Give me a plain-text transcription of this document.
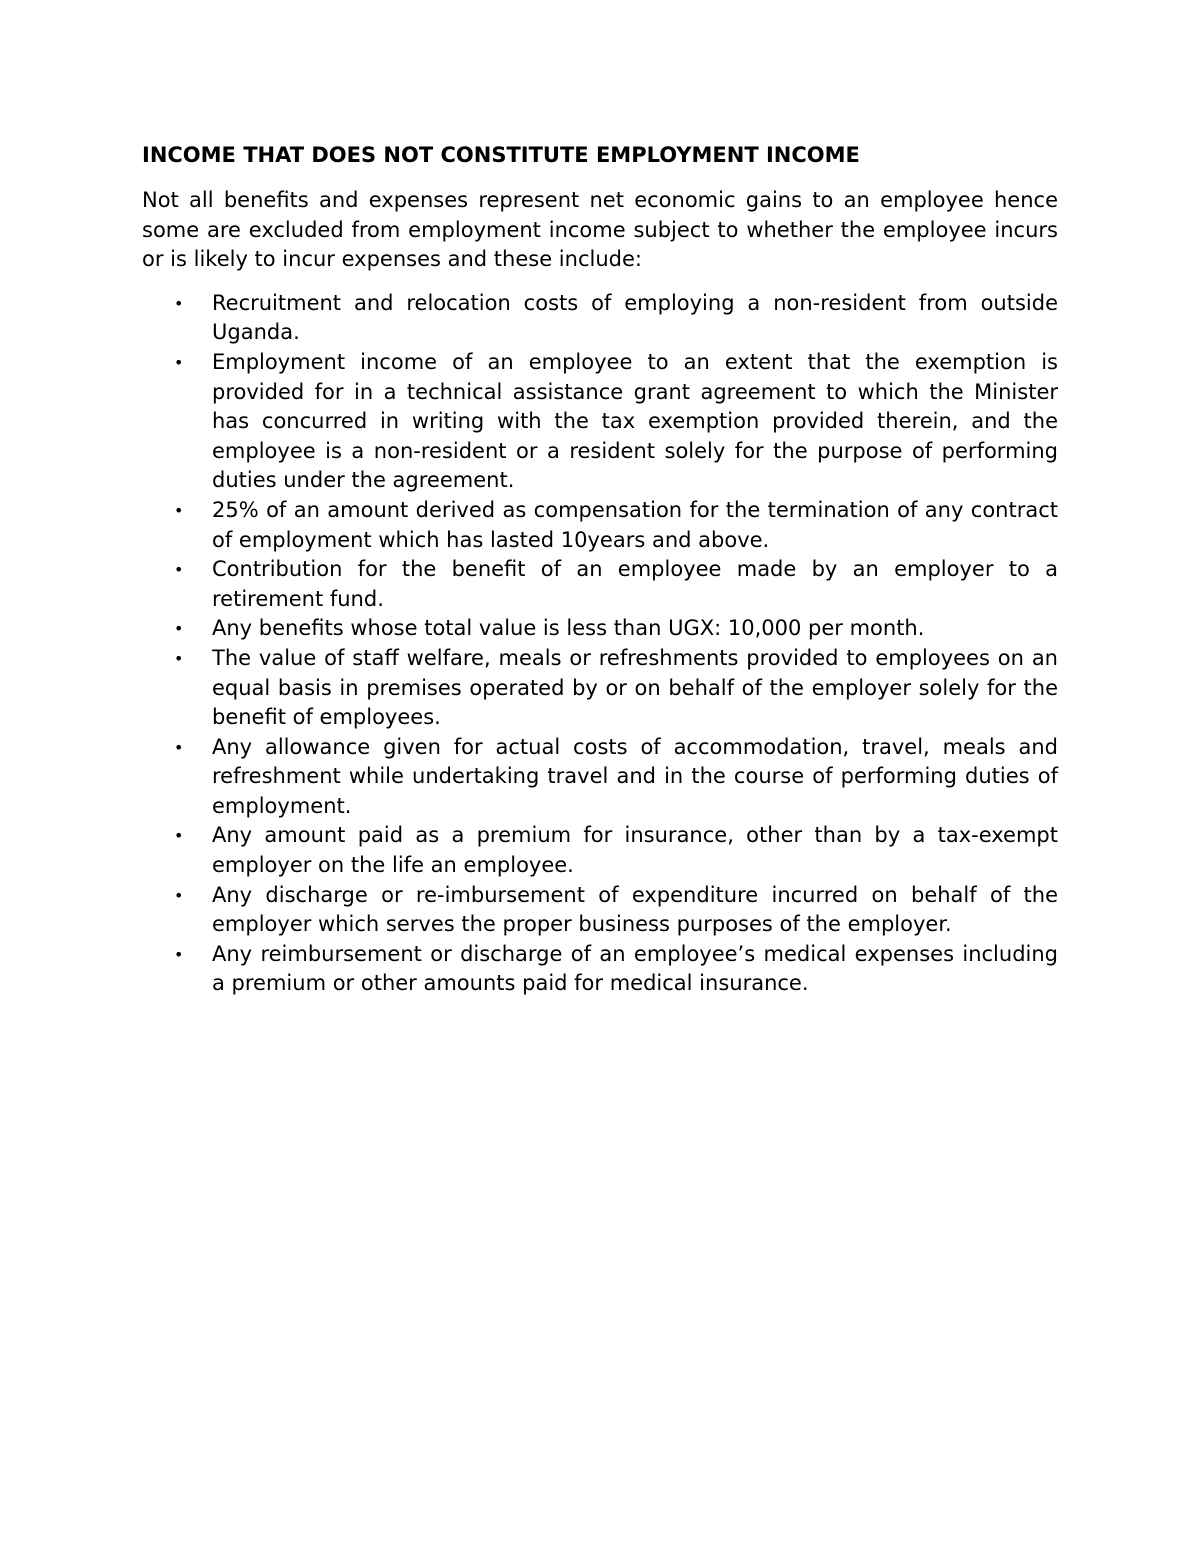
INCOME THAT DOES NOT CONSTITUTE EMPLOYMENT INCOME

Not all benefits and expenses represent net economic gains to an employee hence some are excluded from employment income subject to whether the employee incurs or is likely to incur expenses and these include:

• Recruitment and relocation costs of employing a non-resident from outside Uganda.
• Employment income of an employee to an extent that the exemption is provided for in a technical assistance grant agreement to which the Minister has concurred in writing with the tax exemption provided therein, and the employee is a non-resident or a resident solely for the purpose of performing duties under the agreement.
• 25% of an amount derived as compensation for the termination of any contract of employment which has lasted 10years and above.
• Contribution for the benefit of an employee made by an employer to a retirement fund.
• Any benefits whose total value is less than UGX: 10,000 per month.
• The value of staff welfare, meals or refreshments provided to employees on an equal basis in premises operated by or on behalf of the employer solely for the benefit of employees.
• Any allowance given for actual costs of accommodation, travel, meals and refreshment while undertaking travel and in the course of performing duties of employment.
• Any amount paid as a premium for insurance, other than by a tax-exempt employer on the life an employee.
• Any discharge or re-imbursement of expenditure incurred on behalf of the employer which serves the proper business purposes of the employer.
• Any reimbursement or discharge of an employee’s medical expenses including a premium or other amounts paid for medical insurance.
